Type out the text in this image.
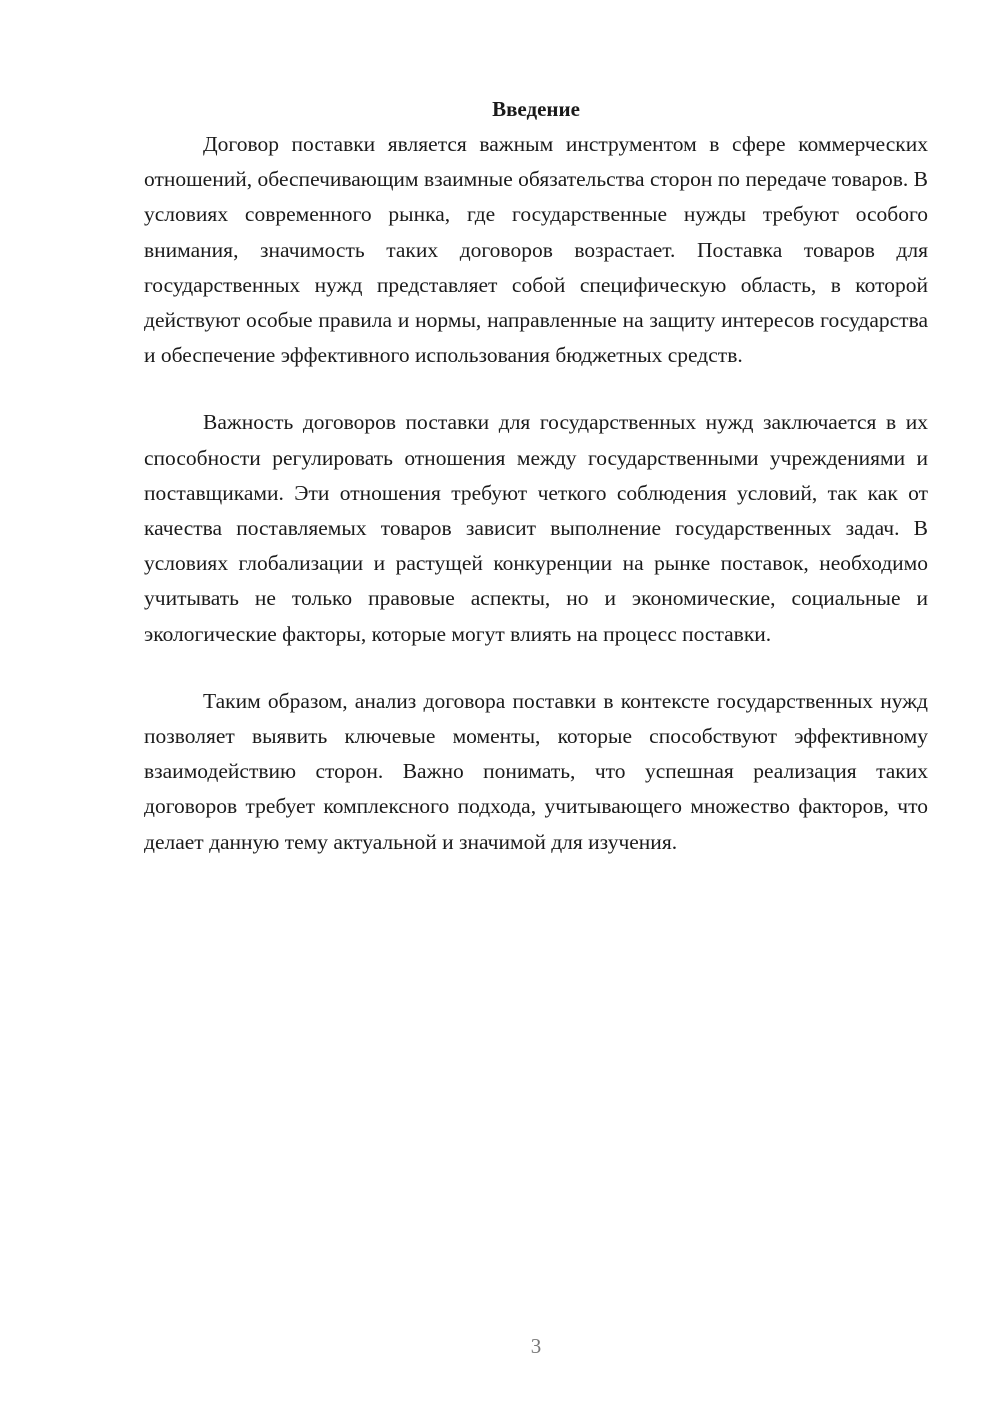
Введение

Договор поставки является важным инструментом в сфере коммерческих отношений, обеспечивающим взаимные обязательства сторон по передаче товаров. В условиях современного рынка, где государственные нужды требуют особого внимания, значимость таких договоров возрастает. Поставка товаров для государственных нужд представляет собой специфическую область, в которой действуют особые правила и нормы, направленные на защиту интересов государства и обеспечение эффективного использования бюджетных средств.

Важность договоров поставки для государственных нужд заключается в их способности регулировать отношения между государственными учреждениями и поставщиками. Эти отношения требуют четкого соблюдения условий, так как от качества поставляемых товаров зависит выполнение государственных задач. В условиях глобализации и растущей конкуренции на рынке поставок, необходимо учитывать не только правовые аспекты, но и экономические, социальные и экологические факторы, которые могут влиять на процесс поставки.

Таким образом, анализ договора поставки в контексте государственных нужд позволяет выявить ключевые моменты, которые способствуют эффективному взаимодействию сторон. Важно понимать, что успешная реализация таких договоров требует комплексного подхода, учитывающего множество факторов, что делает данную тему актуальной и значимой для изучения.

3
